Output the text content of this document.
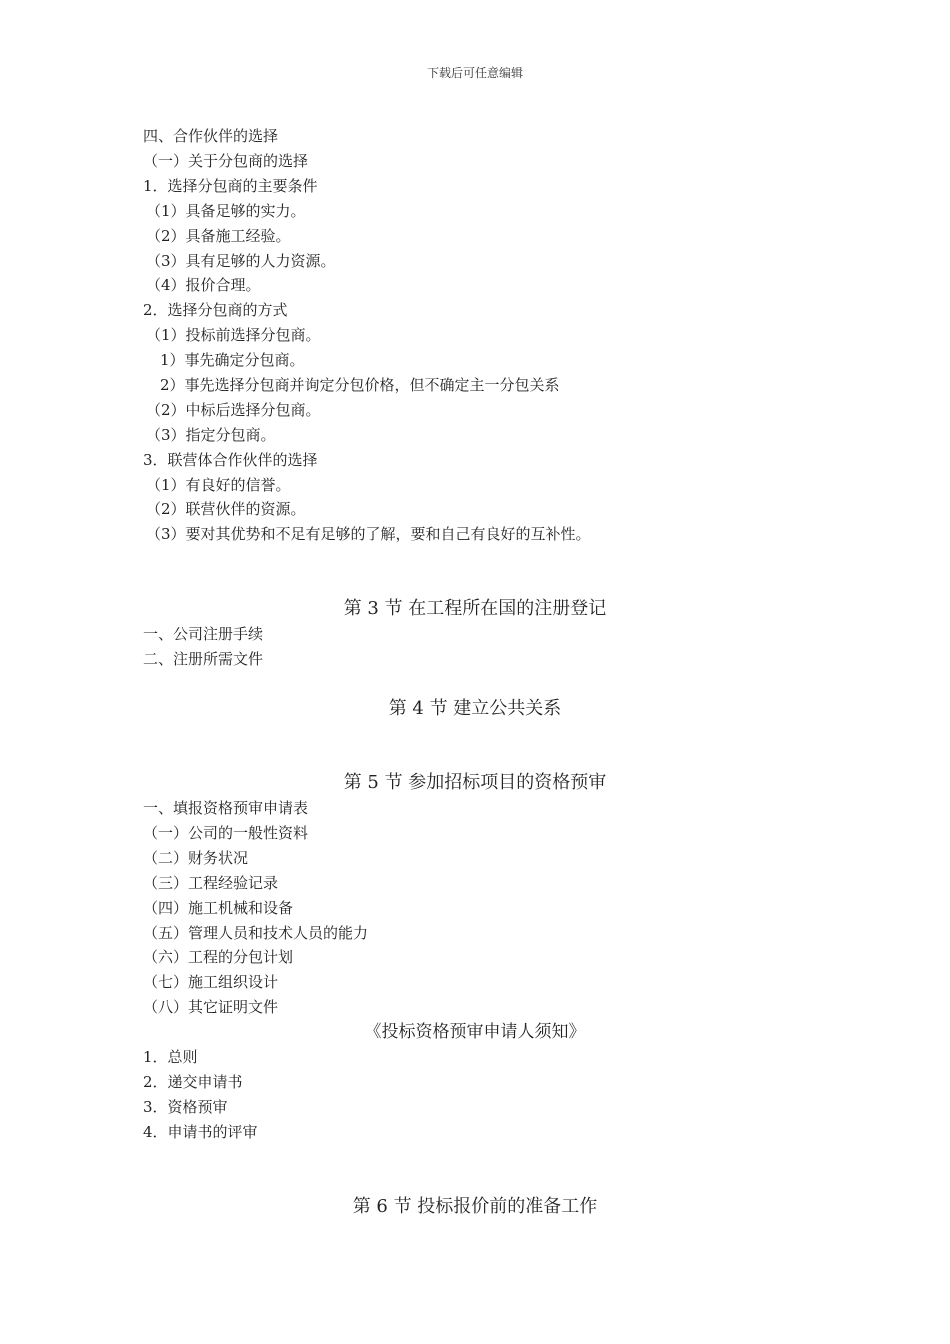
下载后可任意编辑
四、合作伙伴的选择
（一）关于分包商的选择
1．选择分包商的主要条件
（1）具备足够的实力。
（2）具备施工经验。
（3）具有足够的人力资源。
（4）报价合理。
2．选择分包商的方式
（1）投标前选择分包商。
1）事先确定分包商。
2）事先选择分包商并询定分包价格，但不确定主一分包关系
（2）中标后选择分包商。
（3）指定分包商。
3．联营体合作伙伴的选择
（1）有良好的信誉。
（2）联营伙伴的资源。
（3）要对其优势和不足有足够的了解，要和自己有良好的互补性。
第 3 节 在工程所在国的注册登记
一、公司注册手续
二、注册所需文件
第 4 节 建立公共关系
第 5 节 参加招标项目的资格预审
一、填报资格预审申请表
（一）公司的一般性资料
（二）财务状况
（三）工程经验记录
（四）施工机械和设备
（五）管理人员和技术人员的能力
（六）工程的分包计划
（七）施工组织设计
（八）其它证明文件
《投标资格预审申请人须知》
1．总则
2．递交申请书
3．资格预审
4．申请书的评审
第 6 节 投标报价前的准备工作
